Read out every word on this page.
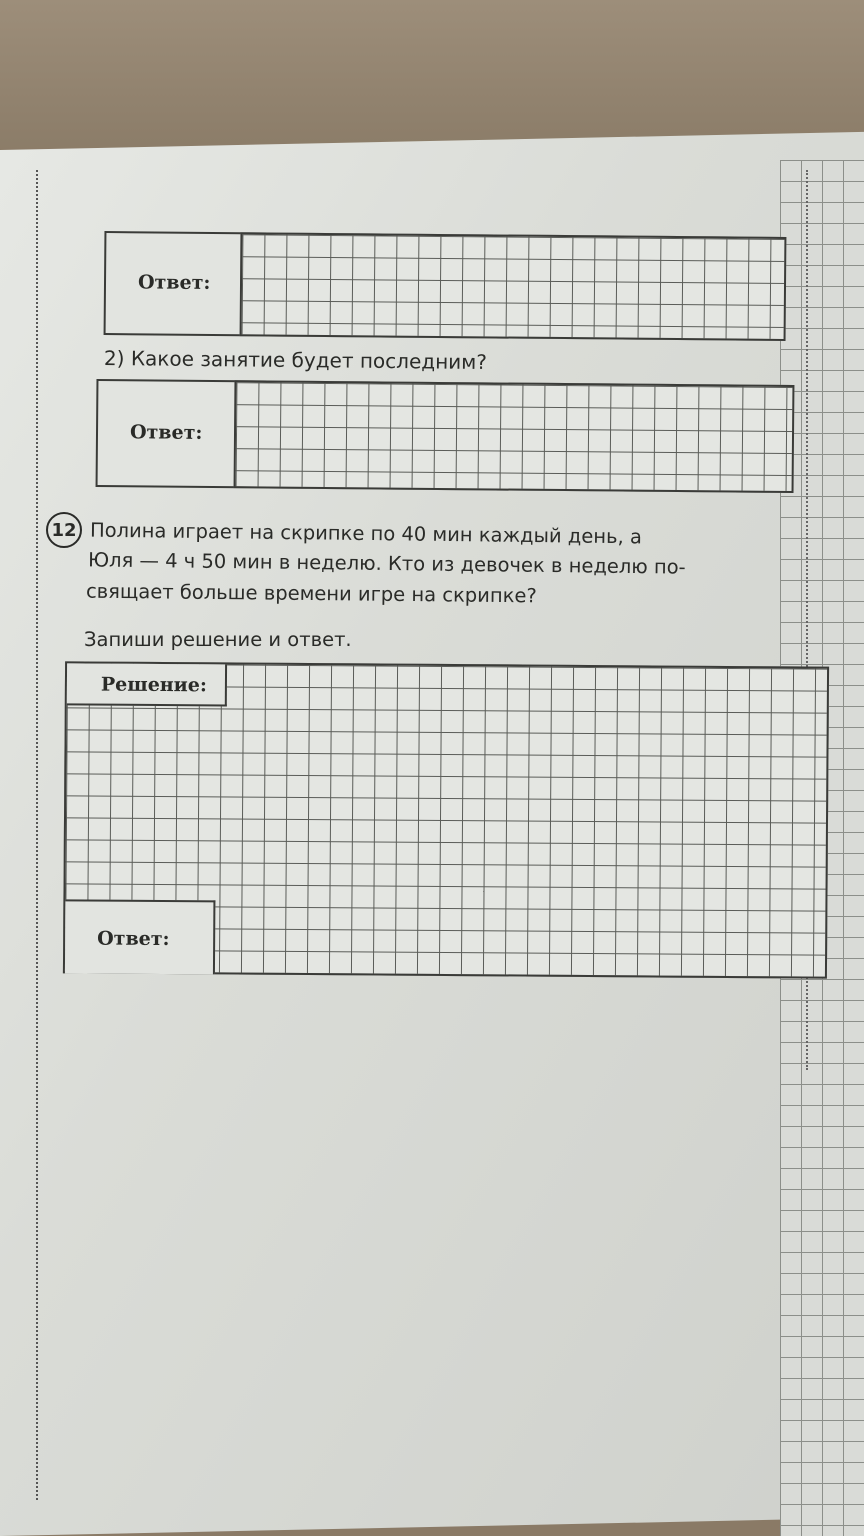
Ответ:
2) Какое занятие будет последним?
Ответ:
12 Полина играет на скрипке по 40 мин каждый день, а
Юля — 4 ч 50 мин в неделю. Кто из девочек в неделю по-
свящает больше времени игре на скрипке?
Запиши решение и ответ.
Решение:
Ответ:
